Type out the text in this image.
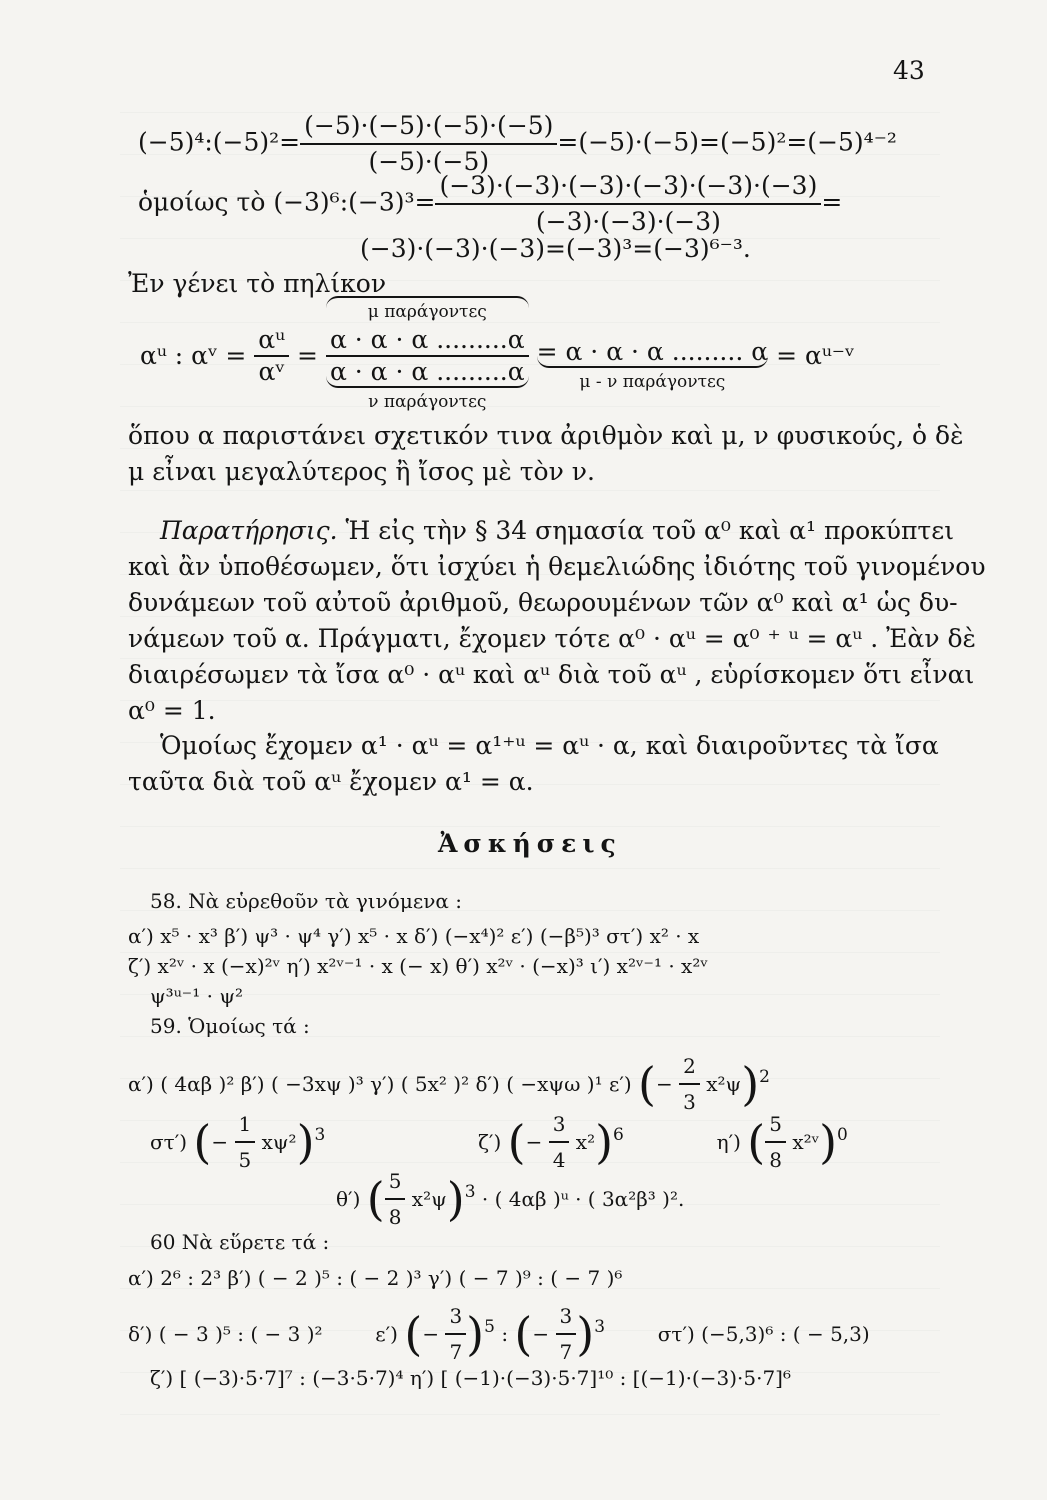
43
(−5)⁴:(−5)²= $\frac{(-5)\cdot(-5)\cdot(-5)\cdot(-5)}{(-5)\cdot(-5)} =(-5)\cdot(-5)=(-5)^2=(-5)^{4-2}$
ὁμοίως τὸ (−3)⁶:(−3)³= $\frac{(-3)\cdot(-3)\cdot(-3)\cdot(-3)\cdot(-3)\cdot(-3)}{(-3)\cdot(-3)\cdot(-3)}$ =
(−3)·(−3)·(−3)=(−3)³=(−3)⁶⁻³.
Ἐν γένει τὸ πηλίκον
αᵘ : αᵛ = $\frac{\text{αᵘ}}{\text{αᵛ}}$ =
μ παράγοντες
α · α · α .........α
α · α · α .........α
ν παράγοντες

$\frac{= \alpha \cdot \alpha \cdot \alpha ......... \alpha}{\text{μ - ν παράγοντες}}$ = αᵘ⁻ᵛ
ὅπου α παριστάνει σχετικόν τινα ἀριθμὸν καὶ μ, ν φυσικούς, ὁ δὲ
μ εἶναι μεγαλύτερος ἢ ἴσος μὲ τὸν ν.
Παρατήρησις. Ἡ εἰς τὴν § 34 σημασία τοῦ α⁰ καὶ α¹ προκύπτει
καὶ ἂν ὑποθέσωμεν, ὅτι ἰσχύει ἡ θεμελιώδης ἰδιότης τοῦ γινομένου
δυνάμεων τοῦ αὐτοῦ ἀριθμοῦ, θεωρουμένων τῶν α⁰ καὶ α¹ ὡς δυ-
νάμεων τοῦ α. Πράγματι, ἔχομεν τότε α⁰ · αᵘ = α⁰ ⁺ ᵘ = αᵘ . Ἐὰν δὲ
διαιρέσωμεν τὰ ἴσα α⁰ · αᵘ καὶ αᵘ διὰ τοῦ αᵘ , εὑρίσκομεν ὅτι εἶναι
α⁰ = 1.
Ὁμοίως ἔχομεν α¹ · αᵘ = α¹⁺ᵘ = αᵘ · α, καὶ διαιροῦντες τὰ ἴσα
ταῦτα διὰ τοῦ αᵘ ἔχομεν α¹ = α.
Ἀσκήσεις
58. Νὰ εὑρεθοῦν τὰ γινόμενα :
α′) x⁵ · x³ β′) ψ³ · ψ⁴ γ′) x⁵ · x δ′) (−x⁴)² ε′) (−β⁵)³ στ′) x² · x
ζ′) x²ᵛ · x (−x)²ᵛ η′) x²ᵛ⁻¹ · x (− x) θ′) x²ᵛ · (−x)³ ι′) x²ᵛ⁻¹ · x²ᵛ
ψ³ᵘ⁻¹ · ψ²
59. Ὁμοίως τά :
α′) ( 4αβ )² β′) ( −3xψ )³ γ′) ( 5x² )² δ′) ( −xψω )¹ ε′) (− $\frac{2}{3} x^2\psi)^2$
στ′) (− $\frac{1}{5} x\psi^2)^3$	ζ′) (− $\frac{3}{4} x^2)^6$	η′) ( $\frac{5}{8}$ x²ᵛ)$^0$
θ′) ( $\frac{5}{8} x^2\psi)^3$ · ( 4αβ )ᵘ · ( 3α²β³ )².
60 Νὰ εὕρετε τά :
α′) 2⁶ : 2³ β′) ( − 2 )⁵ : ( − 2 )³ γ′) ( − 7 )⁹ : ( − 7 )⁶
δ′) ( − 3 )⁵ : ( − 3 )²	ε′) (− $\frac{3}{7} )^5$ : (− $\frac{3}{7} )^3$	στ′) (−5,3)⁶ : ( − 5,3)
ζ′) [ (−3)·5·7]⁷ : (−3·5·7)⁴ η′) [ (−1)·(−3)·5·7]¹⁰ : [(−1)·(−3)·5·7]⁶
